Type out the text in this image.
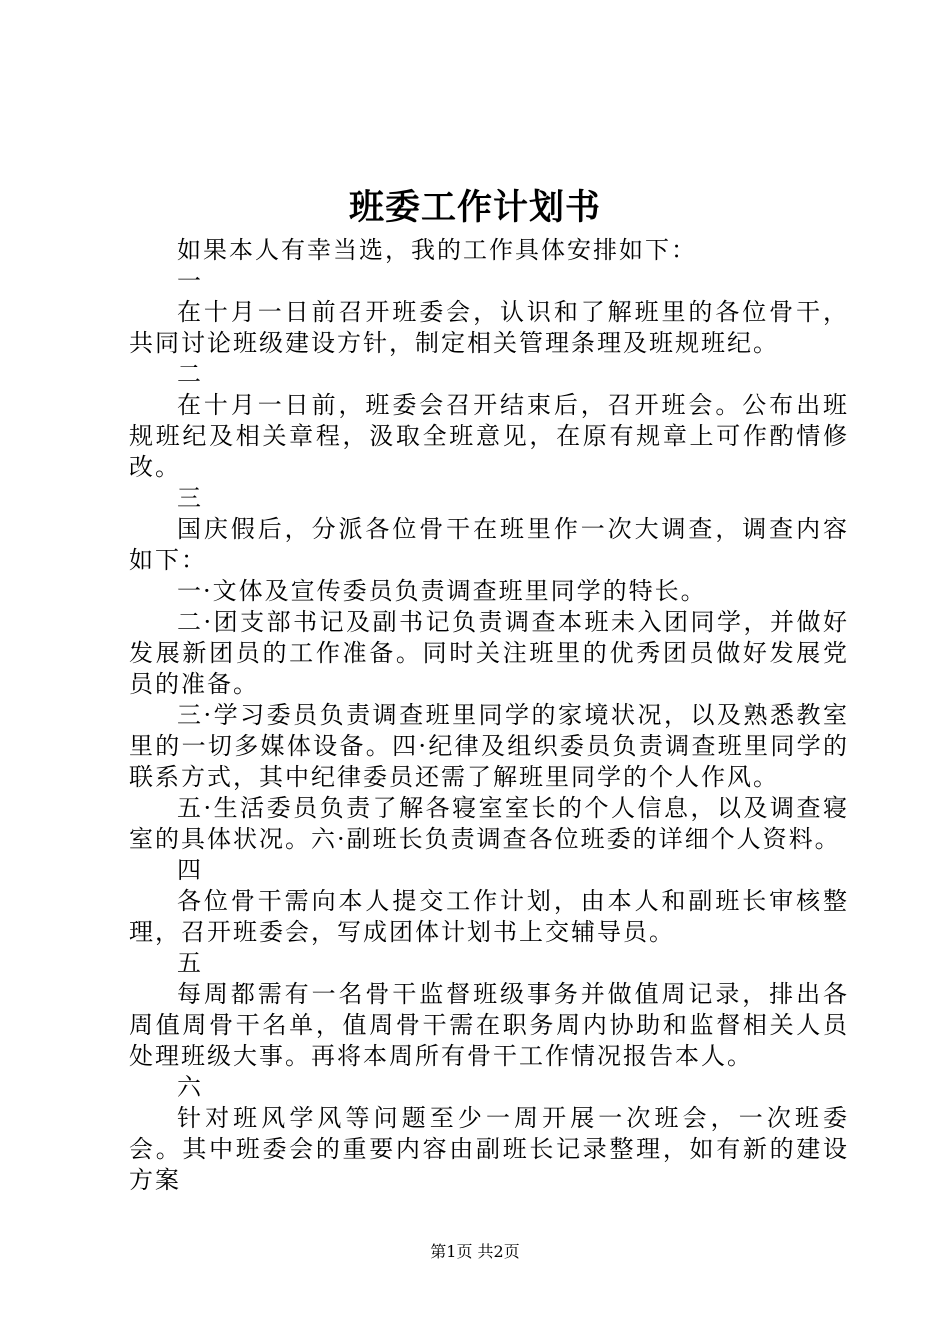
班委工作计划书

如果本人有幸当选，我的工作具体安排如下：

一

在十月一日前召开班委会，认识和了解班里的各位骨干，共同讨论班级建设方针，制定相关管理条理及班规班纪。

二

在十月一日前，班委会召开结束后，召开班会。公布出班规班纪及相关章程，汲取全班意见，在原有规章上可作酌情修改。

三

国庆假后，分派各位骨干在班里作一次大调查，调查内容如下：

一·文体及宣传委员负责调查班里同学的特长。

二·团支部书记及副书记负责调查本班未入团同学，并做好发展新团员的工作准备。同时关注班里的优秀团员做好发展党员的准备。

三·学习委员负责调查班里同学的家境状况，以及熟悉教室里的一切多媒体设备。四·纪律及组织委员负责调查班里同学的联系方式，其中纪律委员还需了解班里同学的个人作风。

五·生活委员负责了解各寝室室长的个人信息，以及调查寝室的具体状况。六·副班长负责调查各位班委的详细个人资料。

四

各位骨干需向本人提交工作计划，由本人和副班长审核整理，召开班委会，写成团体计划书上交辅导员。

五

每周都需有一名骨干监督班级事务并做值周记录，排出各周值周骨干名单，值周骨干需在职务周内协助和监督相关人员处理班级大事。再将本周所有骨干工作情况报告本人。

六

针对班风学风等问题至少一周开展一次班会，一次班委会。其中班委会的重要内容由副班长记录整理，如有新的建设方案

第1页 共2页
